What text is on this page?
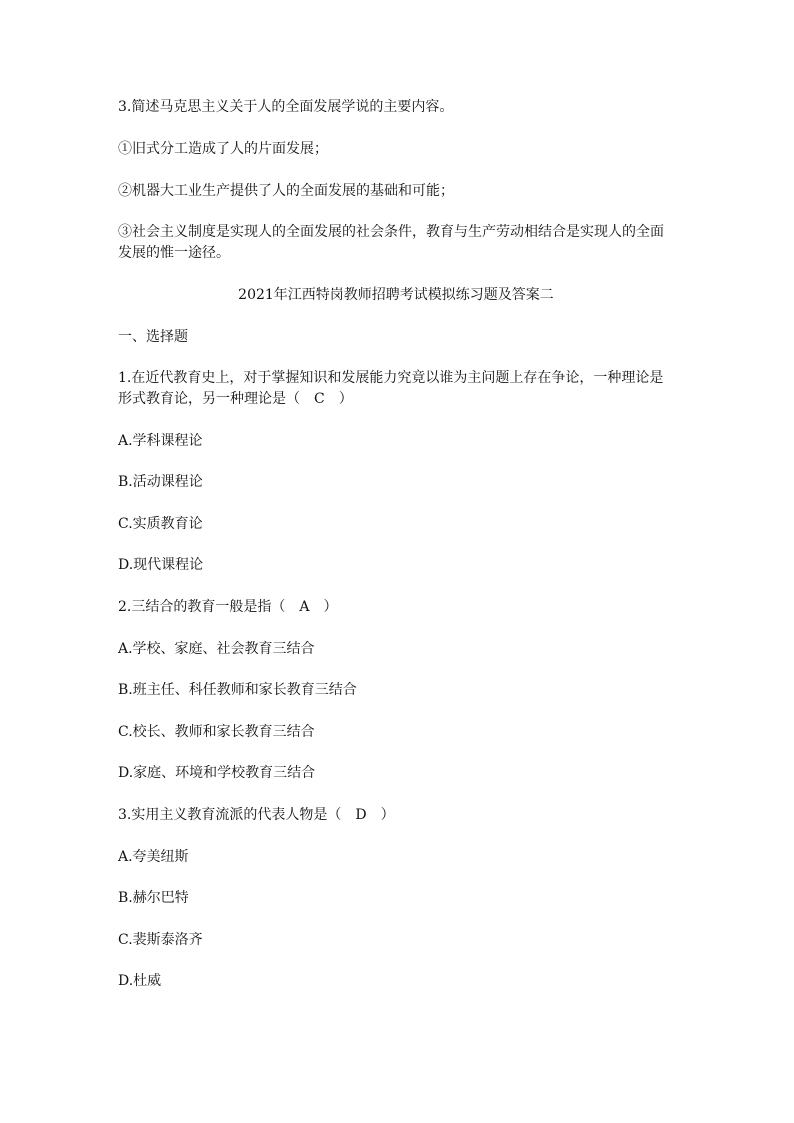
3.简述马克思主义关于人的全面发展学说的主要内容。
①旧式分工造成了人的片面发展；
②机器大工业生产提供了人的全面发展的基础和可能；
③社会主义制度是实现人的全面发展的社会条件，教育与生产劳动相结合是实现人的全面发展的惟一途径。
2021年江西特岗教师招聘考试模拟练习题及答案二
一、选择题
1.在近代教育史上，对于掌握知识和发展能力究竟以谁为主问题上存在争论，一种理论是形式教育论，另一种理论是（　C　）
A.学科课程论
B.活动课程论
C.实质教育论
D.现代课程论
2.三结合的教育一般是指（　A　）
A.学校、家庭、社会教育三结合
B.班主任、科任教师和家长教育三结合
C.校长、教师和家长教育三结合
D.家庭、环境和学校教育三结合
3.实用主义教育流派的代表人物是（　D　）
A.夸美纽斯
B.赫尔巴特
C.裴斯泰洛齐
D.杜威
